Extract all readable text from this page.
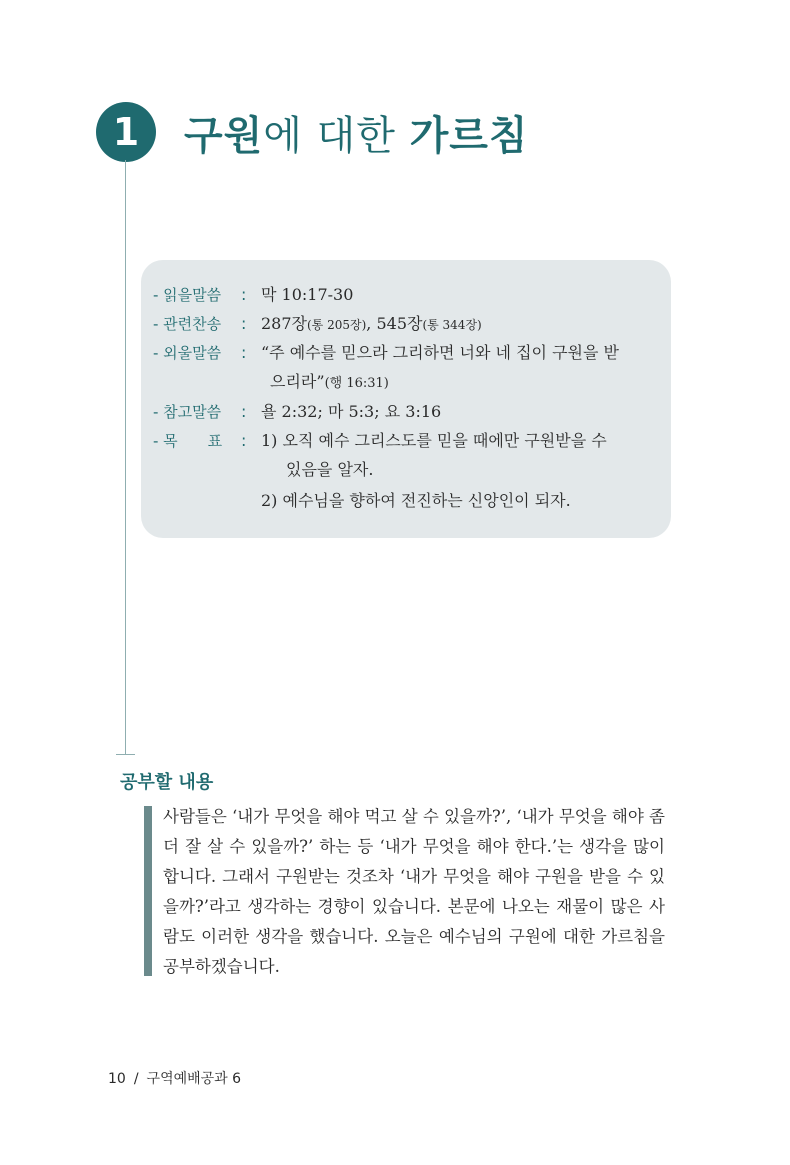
1	구원에 대한 가르침
- 읽을말씀 : 막 10:17-30
- 관련찬송 : 287장(통 205장), 545장(통 344장)
- 외울말씀 : “주 예수를 믿으라 그리하면 너와 네 집이 구원을 받
으리라”(행 16:31)
- 참고말씀 : 욜 2:32; 마 5:3; 요 3:16
- 목　　표 : 1) 오직 예수 그리스도를 믿을 때에만 구원받을 수
있음을 알자.
2) 예수님을 향하여 전진하는 신앙인이 되자.
공부할 내용
사람들은 ‘내가 무엇을 해야 먹고 살 수 있을까?’, ‘내가 무엇을 해야 좀 더 잘 살 수 있을까?’ 하는 등 ‘내가 무엇을 해야 한다.’는 생각을 많이 합니다. 그래서 구원받는 것조차 ‘내가 무엇을 해야 구원을 받을 수 있을까?’라고 생각하는 경향이 있습니다. 본문에 나오는 재물이 많은 사람도 이러한 생각을 했습니다. 오늘은 예수님의 구원에 대한 가르침을 공부하겠습니다.
10 / 구역예배공과 6
